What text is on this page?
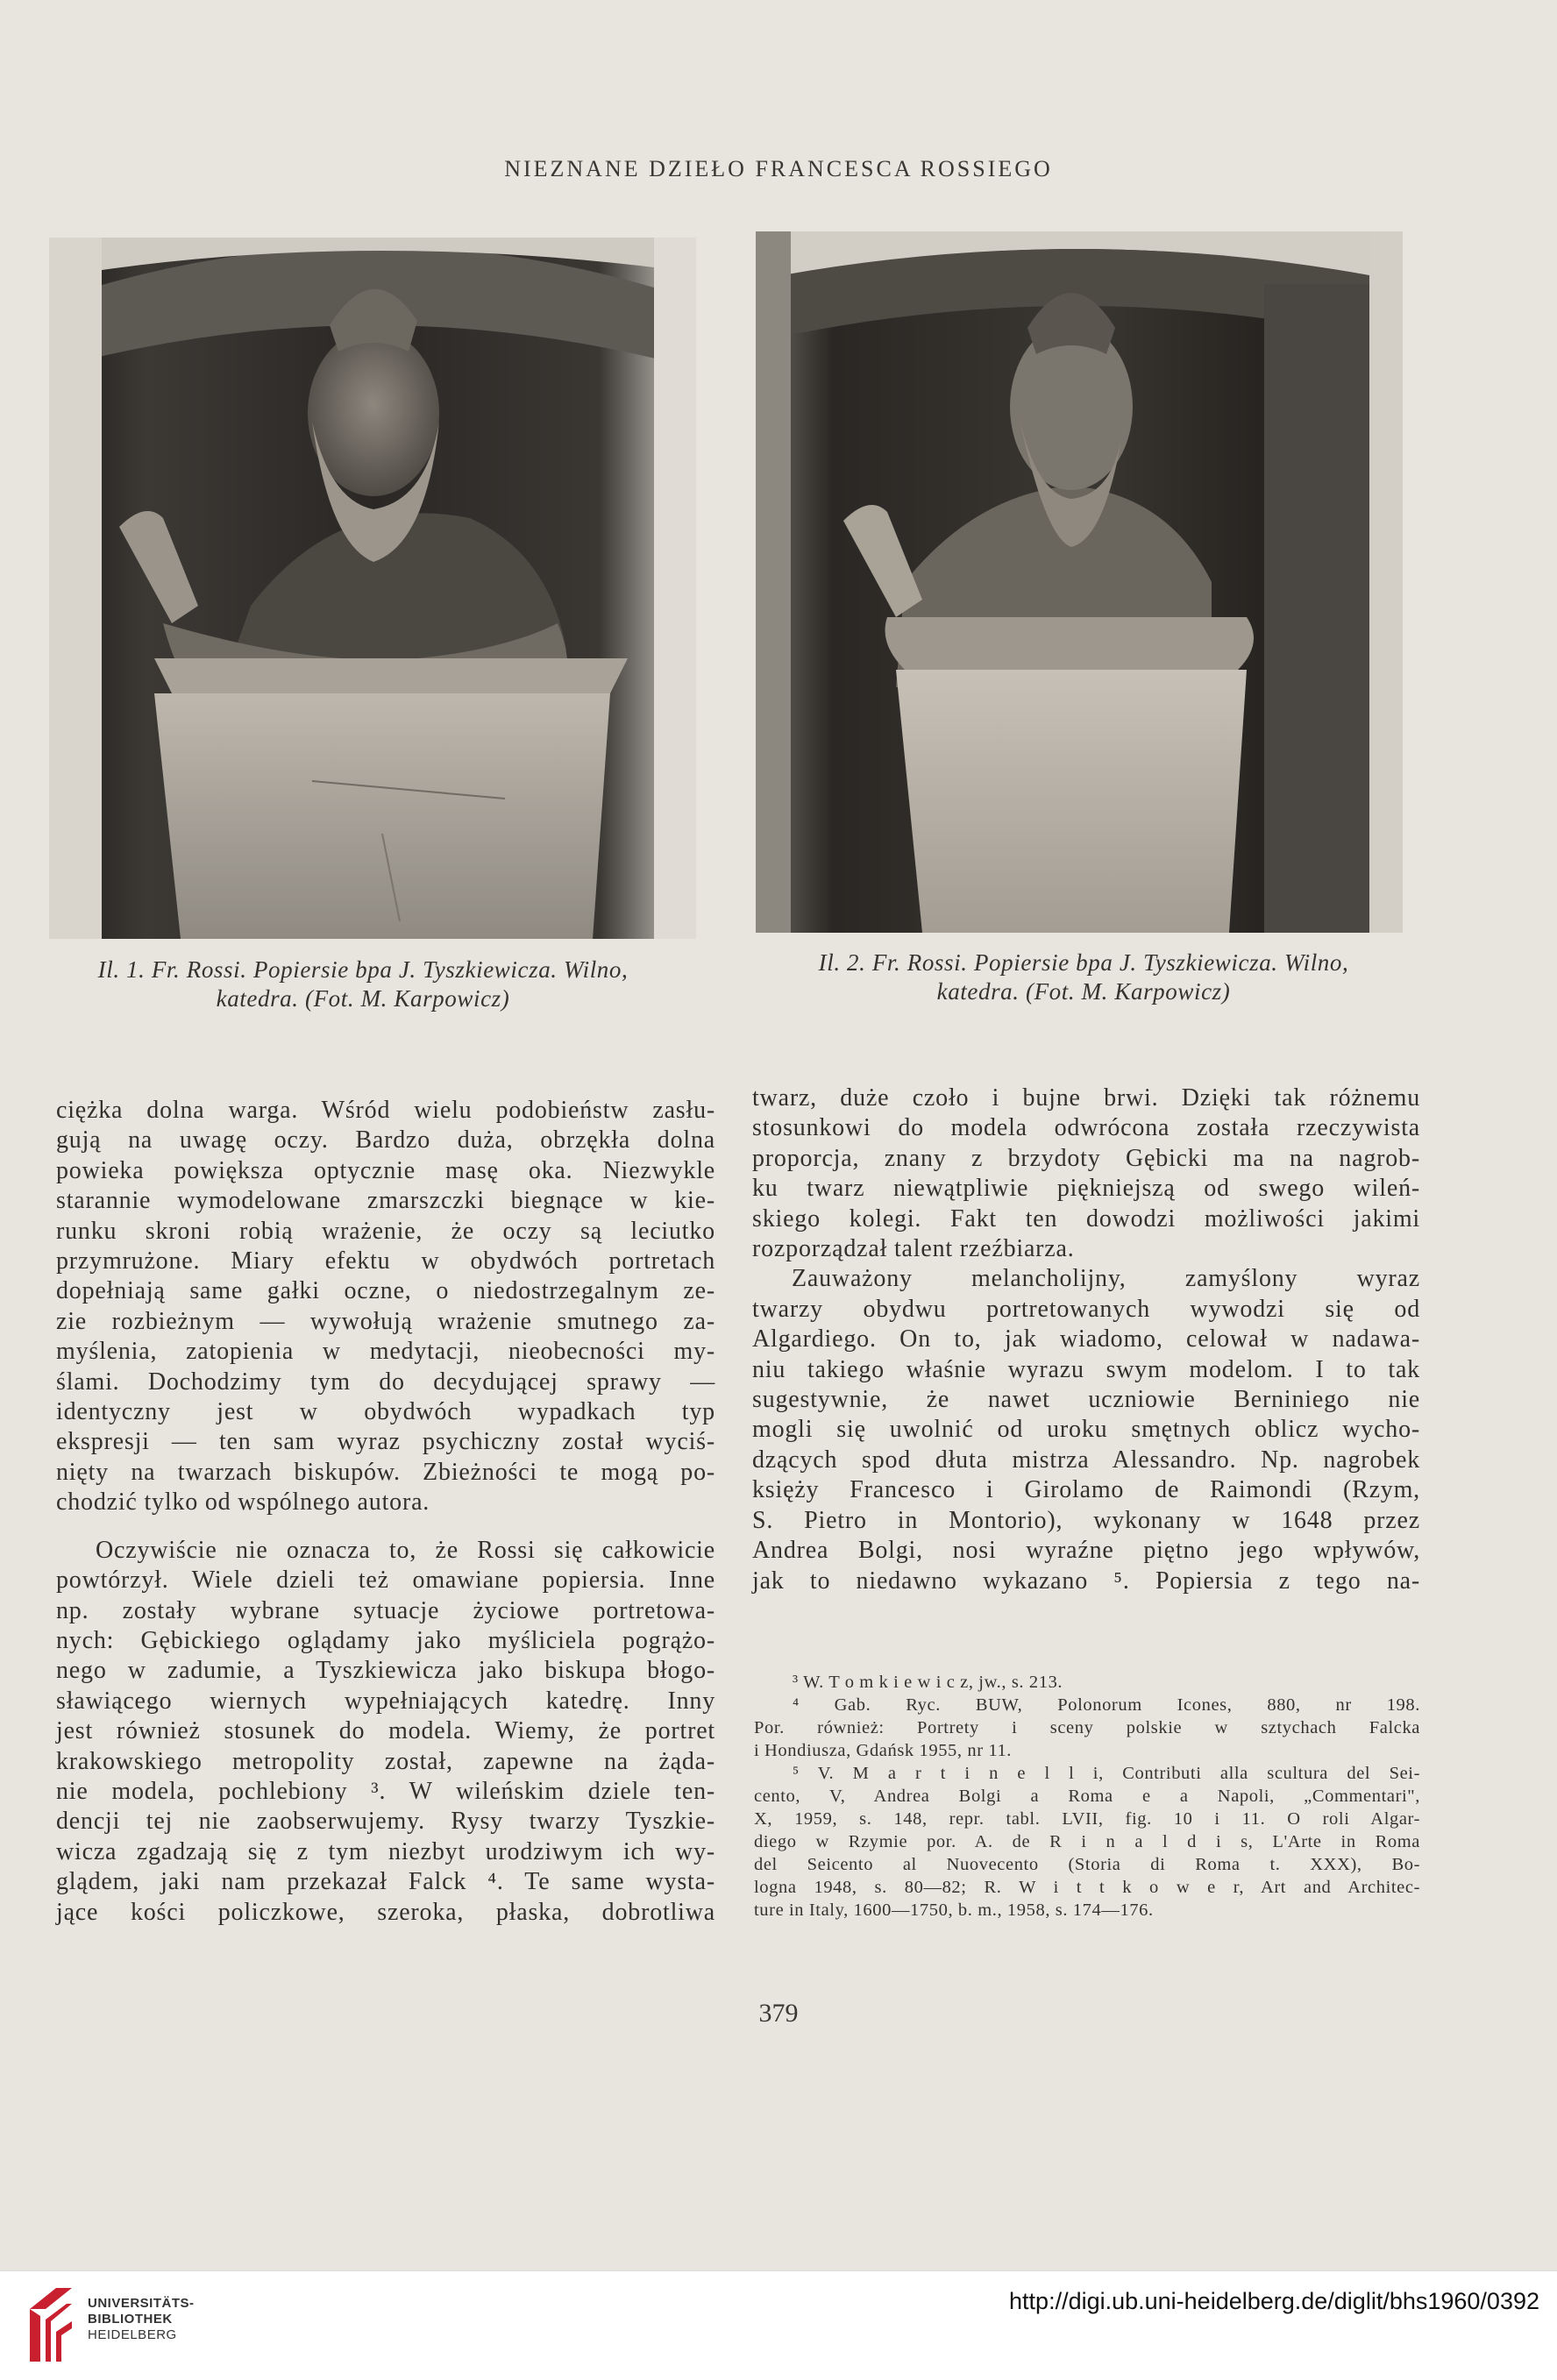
NIEZNANE DZIEŁO FRANCESCA ROSSIEGO
Il. 1. Fr. Rossi. Popiersie bpa J. Tyszkiewicza. Wilno,
katedra. (Fot. M. Karpowicz)
Il. 2. Fr. Rossi. Popiersie bpa J. Tyszkiewicza. Wilno,
katedra. (Fot. M. Karpowicz)
ciężka dolna warga. Wśród wielu podobieństw zasłu-
gują na uwagę oczy. Bardzo duża, obrzękła dolna
powieka powiększa optycznie masę oka. Niezwykle
starannie wymodelowane zmarszczki biegnące w kie-
runku skroni robią wrażenie, że oczy są leciutko
przymrużone. Miary efektu w obydwóch portretach
dopełniają same gałki oczne, o niedostrzegalnym ze-
zie rozbieżnym — wywołują wrażenie smutnego za-
myślenia, zatopienia w medytacji, nieobecności my-
ślami. Dochodzimy tym do decydującej sprawy —
identyczny jest w obydwóch wypadkach typ
ekspresji — ten sam wyraz psychiczny został wyciś-
nięty na twarzach biskupów. Zbieżności te mogą po-
chodzić tylko od wspólnego autora.
Oczywiście nie oznacza to, że Rossi się całkowicie
powtórzył. Wiele dzieli też omawiane popiersia. Inne
np. zostały wybrane sytuacje życiowe portretowa-
nych: Gębickiego oglądamy jako myśliciela pogrążo-
nego w zadumie, a Tyszkiewicza jako biskupa błogo-
sławiącego wiernych wypełniających katedrę. Inny
jest również stosunek do modela. Wiemy, że portret
krakowskiego metropolity został, zapewne na żąda-
nie modela, pochlebiony ³. W wileńskim dziele ten-
dencji tej nie zaobserwujemy. Rysy twarzy Tyszkie-
wicza zgadzają się z tym niezbyt urodziwym ich wy-
glądem, jaki nam przekazał Falck ⁴. Te same wysta-
jące kości policzkowe, szeroka, płaska, dobrotliwa
twarz, duże czoło i bujne brwi. Dzięki tak różnemu
stosunkowi do modela odwrócona została rzeczywista
proporcja, znany z brzydoty Gębicki ma na nagrob-
ku twarz niewątpliwie piękniejszą od swego wileń-
skiego kolegi. Fakt ten dowodzi możliwości jakimi
rozporządzał talent rzeźbiarza.
Zauważony melancholijny, zamyślony wyraz
twarzy obydwu portretowanych wywodzi się od
Algardiego. On to, jak wiadomo, celował w nadawa-
niu takiego właśnie wyrazu swym modelom. I to tak
sugestywnie, że nawet uczniowie Berniniego nie
mogli się uwolnić od uroku smętnych oblicz wycho-
dzących spod dłuta mistrza Alessandro. Np. nagrobek
księży Francesco i Girolamo de Raimondi (Rzym,
S. Pietro in Montorio), wykonany w 1648 przez
Andrea Bolgi, nosi wyraźne piętno jego wpływów,
jak to niedawno wykazano ⁵. Popiersia z tego na-
³ W. T o m k i e w i c z, jw., s. 213.
⁴ Gab. Ryc. BUW, Polonorum Icones, 880, nr 198.
Por. również: Portrety i sceny polskie w sztychach Falcka
i Hondiusza, Gdańsk 1955, nr 11.
⁵ V. M a r t i n e l l i, Contributi alla scultura del Sei-
cento, V, Andrea Bolgi a Roma e a Napoli, „Commentari",
X, 1959, s. 148, repr. tabl. LVII, fig. 10 i 11. O roli Algar-
diego w Rzymie por. A. de R i n a l d i s, L'Arte in Roma
del Seicento al Nuovecento (Storia di Roma t. XXX), Bo-
logna 1948, s. 80—82; R. W i t t k o w e r, Art and Architec-
ture in Italy, 1600—1750, b. m., 1958, s. 174—176.
379
UNIVERSITÄTS-
BIBLIOTHEK
HEIDELBERG
http://digi.ub.uni-heidelberg.de/diglit/bhs1960/0392
